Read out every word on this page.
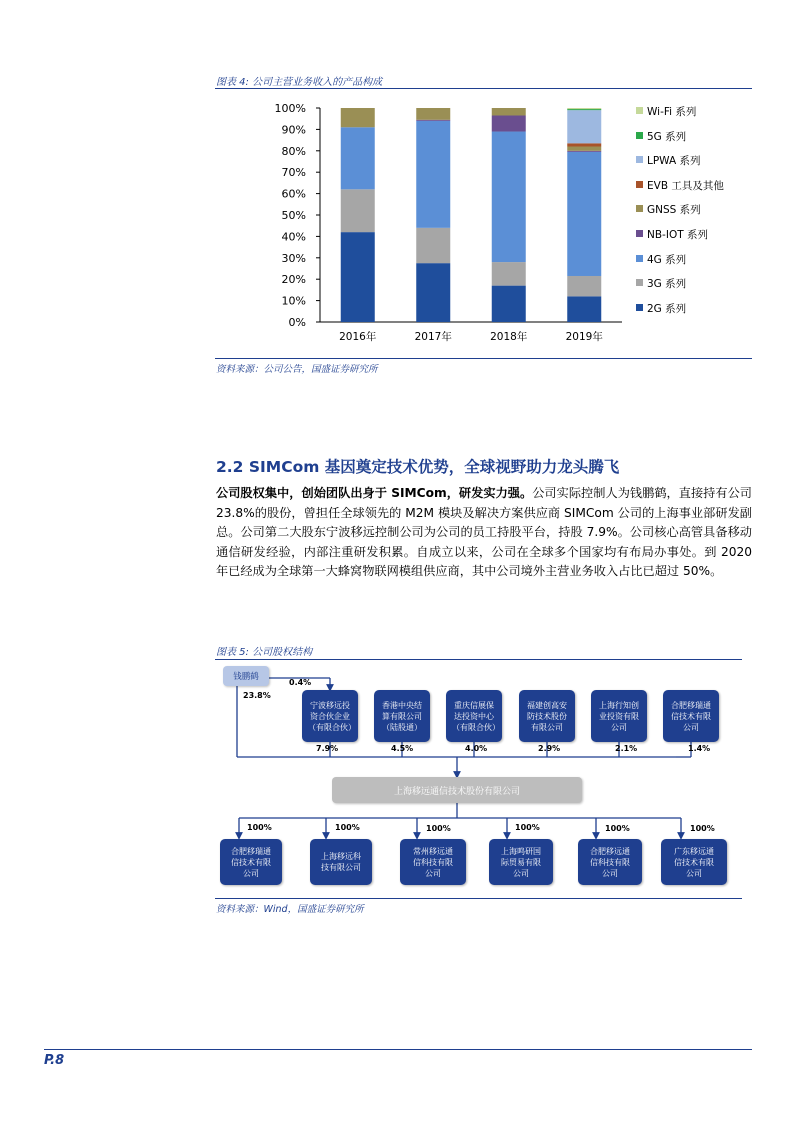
图表 4: 公司主营业务收入的产品构成
0%
10%
20%
30%
40%
50%
60%
70%
80%
90%
100%
2016年	2017年	2018年	2019年
Wi-Fi 系列
5G 系列
LPWA 系列
EVB 工具及其他
GNSS 系列
NB-IOT 系列
4G 系列
3G 系列
2G 系列
资料来源：公司公告，国盛证券研究所
2.2 SIMCom 基因奠定技术优势，全球视野助力龙头腾飞
公司股权集中，创始团队出身于 SIMCom，研发实力强。公司实际控制人为钱鹏鹤，直接持有公司 23.8%的股份，曾担任全球领先的 M2M 模块及解决方案供应商 SIMCom 公司的上海事业部研发副总。公司第二大股东宁波移远控制公司为公司的员工持股平台，持股 7.9%。公司核心高管具备移动通信研发经验，内部注重研发积累。自成立以来，公司在全球多个国家均有布局办事处。到 2020 年已经成为全球第一大蜂窝物联网模组供应商，其中公司境外主营业务收入占比已超过 50%。
图表 5: 公司股权结构
钱鹏鹤
0.4%
23.8%
宁波移远投资合伙企业（有限合伙）
香港中央结算有限公司（陆股通）
重庆信展保达投资中心（有限合伙）
福建创高安防技术股份有限公司
上海行知创业投资有限公司
合肥移瑞通信技术有限公司
7.9%	4.5%	4.0%	2.9%	2.1%	1.4%
上海移远通信技术股份有限公司
100%	100%	100%	100%	100%	100%
合肥移瑞通信技术有限公司
上海移远科技有限公司
常州移远通信科技有限公司
上海鸣研国际贸易有限公司
合肥移远通信科技有限公司
广东移远通信技术有限公司
资料来源：Wind，国盛证券研究所
P.8
